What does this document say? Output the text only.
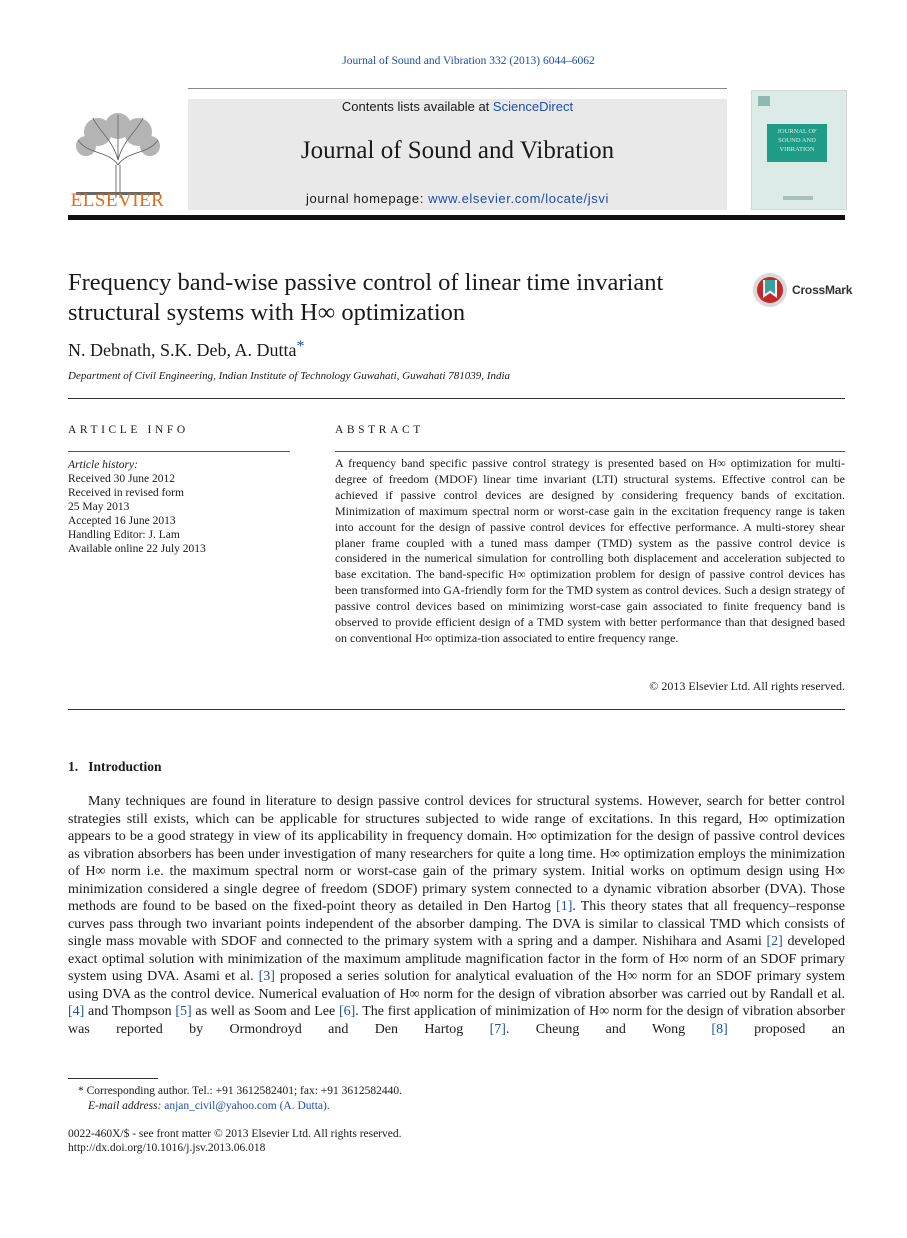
Journal of Sound and Vibration 332 (2013) 6044–6062
ELSEVIER
Contents lists available at ScienceDirect
Journal of Sound and Vibration
journal homepage: www.elsevier.com/locate/jsvi
JOURNAL OF SOUND AND VIBRATION
Frequency band-wise passive control of linear time invariant
structural systems with H∞ optimization
CrossMark
N. Debnath, S.K. Deb, A. Dutta*
Department of Civil Engineering, Indian Institute of Technology Guwahati, Guwahati 781039, India
ARTICLE INFO
Article history:
Received 30 June 2012
Received in revised form
25 May 2013
Accepted 16 June 2013
Handling Editor: J. Lam
Available online 22 July 2013
ABSTRACT
A frequency band specific passive control strategy is presented based on H∞ optimization for multi-degree of freedom (MDOF) linear time invariant (LTI) structural systems. Effective control can be achieved if passive control devices are designed by considering frequency bands of excitation. Minimization of maximum spectral norm or worst-case gain in the excitation frequency range is taken into account for the design of passive control devices for effective performance. A multi-storey shear planer frame coupled with a tuned mass damper (TMD) system as the passive control device is considered in the numerical simulation for controlling both displacement and acceleration subjected to base excitation. The band-specific H∞ optimization problem for design of passive control devices has been transformed into GA-friendly form for the TMD system as control devices. Such a design strategy of passive control devices based on minimizing worst-case gain associated to finite frequency band is observed to provide efficient design of a TMD system with better performance than that designed based on conventional H∞ optimiza-tion associated to entire frequency range.
© 2013 Elsevier Ltd. All rights reserved.
1.   Introduction

Many techniques are found in literature to design passive control devices for structural systems. However, search for better control strategies still exists, which can be applicable for structures subjected to wide range of excitations. In this regard, H∞ optimization appears to be a good strategy in view of its applicability in frequency domain. H∞ optimization for the design of passive control devices as vibration absorbers has been under investigation of many researchers for quite a long time. H∞ optimization employs the minimization of H∞ norm i.e. the maximum spectral norm or worst-case gain of the primary system. Initial works on optimum design using H∞ minimization considered a single degree of freedom (SDOF) primary system connected to a dynamic vibration absorber (DVA). Those methods are found to be based on the fixed-point theory as detailed in Den Hartog [1]. This theory states that all frequency–response curves pass through two invariant points independent of the absorber damping. The DVA is similar to classical TMD which consists of single mass movable with SDOF and connected to the primary system with a spring and a damper. Nishihara and Asami [2] developed exact optimal solution with minimization of the maximum amplitude magnification factor in the form of H∞ norm of an SDOF primary system using DVA. Asami et al. [3] proposed a series solution for analytical evaluation of the H∞ norm for an SDOF primary system using DVA as the control device. Numerical evaluation of H∞ norm for the design of vibration absorber was carried out by Randall et al. [4] and Thompson [5] as well as Soom and Lee [6]. The first application of minimization of H∞ norm for the design of vibration absorber was reported by Ormondroyd and Den Hartog [7]. Cheung and Wong [8] proposed an

* Corresponding author. Tel.: +91 3612582401; fax: +91 3612582440.
E-mail address: anjan_civil@yahoo.com (A. Dutta).
0022-460X/$ - see front matter © 2013 Elsevier Ltd. All rights reserved.
http://dx.doi.org/10.1016/j.jsv.2013.06.018
